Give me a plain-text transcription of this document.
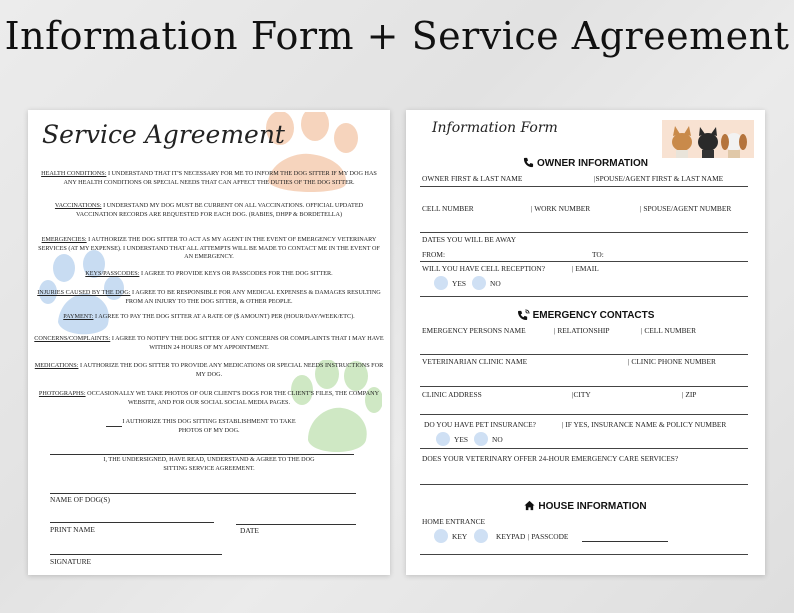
Information Form + Service Agreement
Service Agreement
HEALTH CONDITIONS: I UNDERSTAND THAT IT'S NECESSARY FOR ME TO INFORM THE DOG SITTER IF MY DOG HAS ANY HEALTH CONDITIONS OR SPECIAL NEEDS THAT CAN AFFECT THE DUTIES OF THE DOG SITTER.
VACCINATIONS: I UNDERSTAND MY DOG MUST BE CURRENT ON ALL VACCINATIONS. OFFICIAL UPDATED VACCINATION RECORDS ARE REQUESTED FOR EACH DOG. (RABIES, DHPP & BORDETELLA)
EMERGENCIES: I AUTHORIZE THE DOG SITTER TO ACT AS MY AGENT IN THE EVENT OF EMERGENCY VETERINARY SERVICES (AT MY EXPENSE). I UNDERSTAND THAT ALL ATTEMPTS WILL BE MADE TO CONTACT ME IN THE EVENT OF AN EMERGENCY.
KEYS/PASSCODES: I AGREE TO PROVIDE KEYS OR PASSCODES FOR THE DOG SITTER.
INJURIES CAUSED BY THE DOG: I AGREE TO BE RESPONSIBLE FOR ANY MEDICAL EXPENSES & DAMAGES RESULTING FROM AN INJURY TO THE DOG SITTER, & OTHER PEOPLE.
PAYMENT: I AGREE TO PAY THE DOG SITTER AT A RATE OF ($ AMOUNT) PER (HOUR/DAY/WEEK/ETC).
CONCERNS/COMPLAINTS: I AGREE TO NOTIFY THE DOG SITTER OF ANY CONCERNS OR COMPLAINTS THAT I MAY HAVE WITHIN 24 HOURS OF MY APPOINTMENT.
MEDICATIONS: I AUTHORIZE THE DOG SITTER TO PROVIDE ANY MEDICATIONS OR SPECIAL NEEDS INSTRUCTIONS FOR MY DOG.
PHOTOGRAPHS: OCCASIONALLY WE TAKE PHOTOS OF OUR CLIENT'S DOGS FOR THE CLIENT'S FILES, THE COMPANY WEBSITE, AND FOR OUR SOCIAL SOCIAL MEDIA PAGES.
I AUTHORIZE THIS DOG SITTING ESTABLISHMENT TO TAKE PHOTOS OF MY DOG.
I, THE UNDERSIGNED, HAVE READ, UNDERSTAND & AGREE TO THE DOG SITTING SERVICE AGREEMENT.
NAME OF DOG(S)
PRINT NAME	DATE
SIGNATURE
Information Form
OWNER INFORMATION
OWNER FIRST & LAST NAME	|SPOUSE/AGENT FIRST & LAST NAME
CELL NUMBER	| WORK NUMBER	| SPOUSE/AGENT NUMBER
DATES YOU WILL BE AWAY
FROM:	TO:
WILL YOU HAVE CELL RECEPTION?	| EMAIL
YES	NO
EMERGENCY CONTACTS
EMERGENCY PERSONS NAME	| RELATIONSHIP	| CELL NUMBER
VETERINARIAN CLINIC NAME	| CLINIC PHONE NUMBER
CLINIC ADDRESS	|CITY	| ZIP
DO YOU HAVE PET INSURANCE?	| IF YES, INSURANCE NAME & POLICY NUMBER
YES	NO
DOES YOUR VETERINARY OFFER 24-HOUR EMERGENCY CARE SERVICES?
HOUSE INFORMATION
HOME ENTRANCE
KEY	KEYPAD | PASSCODE
